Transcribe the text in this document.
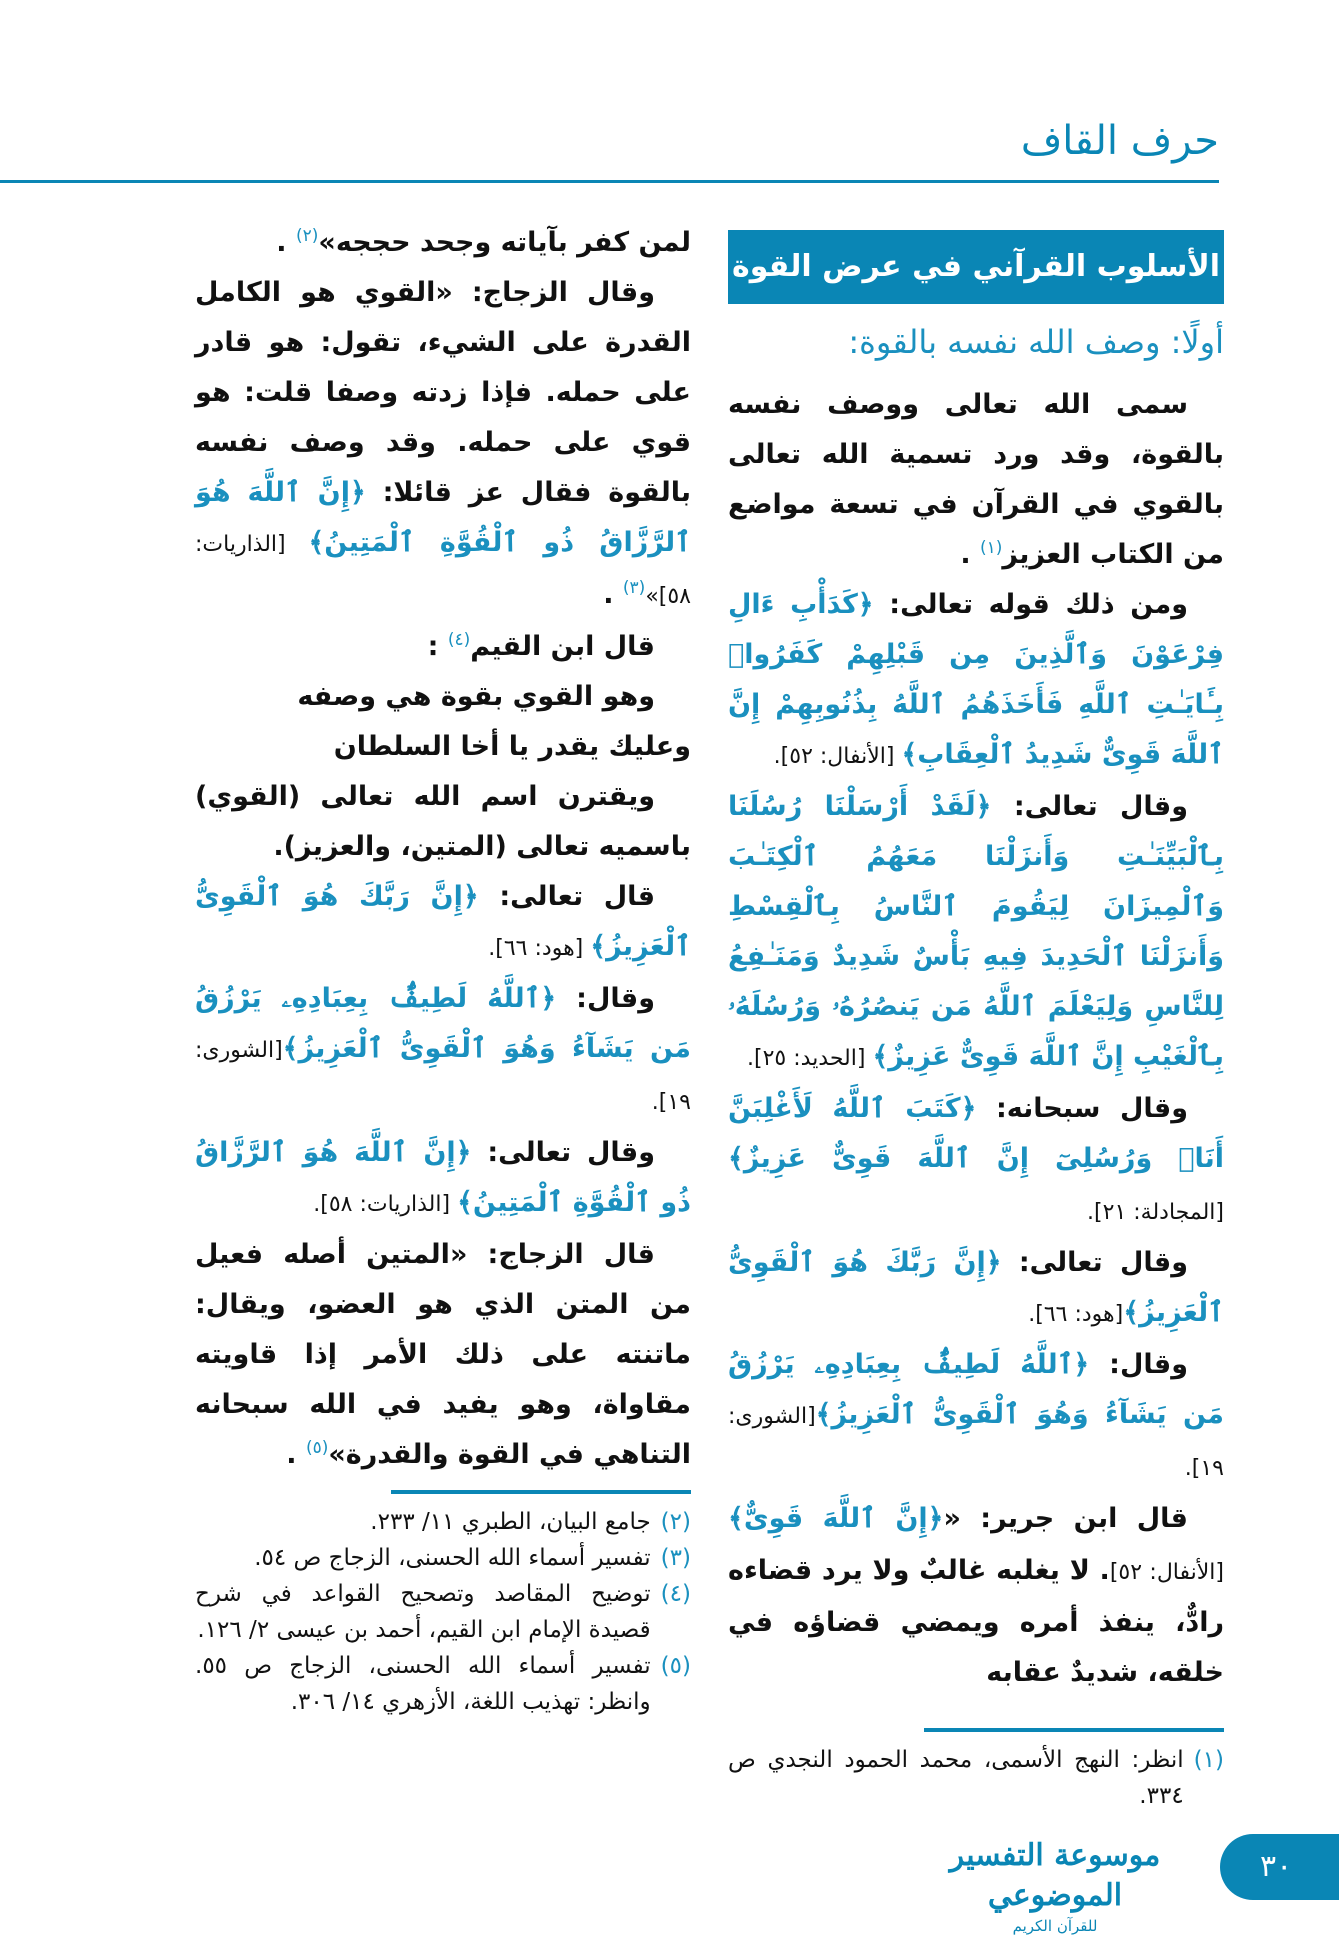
حرف القاف
الأسلوب القرآني في عرض القوة
أولًا: وصف الله نفسه بالقوة:

سمى الله تعالى ووصف نفسه بالقوة، وقد ورد تسمية الله تعالى بالقوي في القرآن في تسعة مواضع من الكتاب العزيز$^{(١)}$ .

ومن ذلك قوله تعالى: ﴿كَدَأْبِ ءَالِ فِرْعَوْنَ وَٱلَّذِينَ مِن قَبْلِهِمْ كَفَرُوا۟ بِـَٔايَـٰتِ ٱللَّهِ فَأَخَذَهُمُ ٱللَّهُ بِذُنُوبِهِمْ إِنَّ ٱللَّهَ قَوِىٌّ شَدِيدُ ٱلْعِقَابِ﴾ [الأنفال: ٥٢].

وقال تعالى: ﴿لَقَدْ أَرْسَلْنَا رُسُلَنَا بِٱلْبَيِّنَـٰتِ وَأَنزَلْنَا مَعَهُمُ ٱلْكِتَـٰبَ وَٱلْمِيزَانَ لِيَقُومَ ٱلنَّاسُ بِٱلْقِسْطِ وَأَنزَلْنَا ٱلْحَدِيدَ فِيهِ بَأْسٌ شَدِيدٌ وَمَنَـٰفِعُ لِلنَّاسِ وَلِيَعْلَمَ ٱللَّهُ مَن يَنصُرُهُۥ وَرُسُلَهُۥ بِٱلْغَيْبِ إِنَّ ٱللَّهَ قَوِىٌّ عَزِيزٌ﴾ [الحديد: ٢٥].

وقال سبحانه: ﴿كَتَبَ ٱللَّهُ لَأَغْلِبَنَّ أَنَا۠ وَرُسُلِىٓ إِنَّ ٱللَّهَ قَوِىٌّ عَزِيزٌ﴾ [المجادلة: ٢١].

وقال تعالى: ﴿إِنَّ رَبَّكَ هُوَ ٱلْقَوِىُّ ٱلْعَزِيزُ﴾[هود: ٦٦].

وقال: ﴿ٱللَّهُ لَطِيفٌۢ بِعِبَادِهِۦ يَرْزُقُ مَن يَشَآءُ وَهُوَ ٱلْقَوِىُّ ٱلْعَزِيزُ﴾[الشورى: ١٩].

قال ابن جرير: «﴿إِنَّ ٱللَّهَ قَوِىٌّ﴾ [الأنفال: ٥٢]. لا يغلبه غالبٌ ولا يرد قضاءه رادٌّ، ينفذ أمره ويمضي قضاؤه في خلقه، شديدٌ عقابه

(١)
انظر: النهج الأسمى، محمد الحمود النجدي ص ٣٣٤.

لمن كفر بآياته وجحد حججه»$^{(٢)}$ .

وقال الزجاج: «القوي هو الكامل القدرة على الشيء، تقول: هو قادر على حمله. فإذا زدته وصفا قلت: هو قوي على حمله. وقد وصف نفسه بالقوة فقال عز قائلا: ﴿إِنَّ ٱللَّهَ هُوَ ٱلرَّزَّاقُ ذُو ٱلْقُوَّةِ ٱلْمَتِينُ﴾ [الذاريات: ٥٨]»$^{(٣)}$ .

قال ابن القيم$^{(٤)}$ :

وهو القوي بقوة هي وصفه

وعليك يقدر يا أخا السلطان

ويقترن اسم الله تعالى (القوي) باسميه تعالى (المتين، والعزيز).

قال تعالى: ﴿إِنَّ رَبَّكَ هُوَ ٱلْقَوِىُّ ٱلْعَزِيزُ﴾ [هود: ٦٦].

وقال: ﴿ٱللَّهُ لَطِيفٌۢ بِعِبَادِهِۦ يَرْزُقُ مَن يَشَآءُ وَهُوَ ٱلْقَوِىُّ ٱلْعَزِيزُ﴾[الشورى: ١٩].

وقال تعالى: ﴿إِنَّ ٱللَّهَ هُوَ ٱلرَّزَّاقُ ذُو ٱلْقُوَّةِ ٱلْمَتِينُ﴾ [الذاريات: ٥٨].

قال الزجاج: «المتين أصله فعيل من المتن الذي هو العضو، ويقال: ماتنته على ذلك الأمر إذا قاويته مقاواة، وهو يفيد في الله سبحانه التناهي في القوة والقدرة»$^{(٥)}$ .

(٢)
جامع البيان، الطبري ١١/ ٢٣٣.
(٣)
تفسير أسماء الله الحسنى، الزجاج ص ٥٤.
(٤)
توضيح المقاصد وتصحيح القواعد في شرح قصيدة الإمام ابن القيم، أحمد بن عيسى ٢/ ١٢٦.
(٥)
تفسير أسماء الله الحسنى، الزجاج ص ٥٥. وانظر: تهذيب اللغة، الأزهري ١٤/ ٣٠٦.
موسوعة التفسير الموضوعي
للقرآن الكريم
٣٠
